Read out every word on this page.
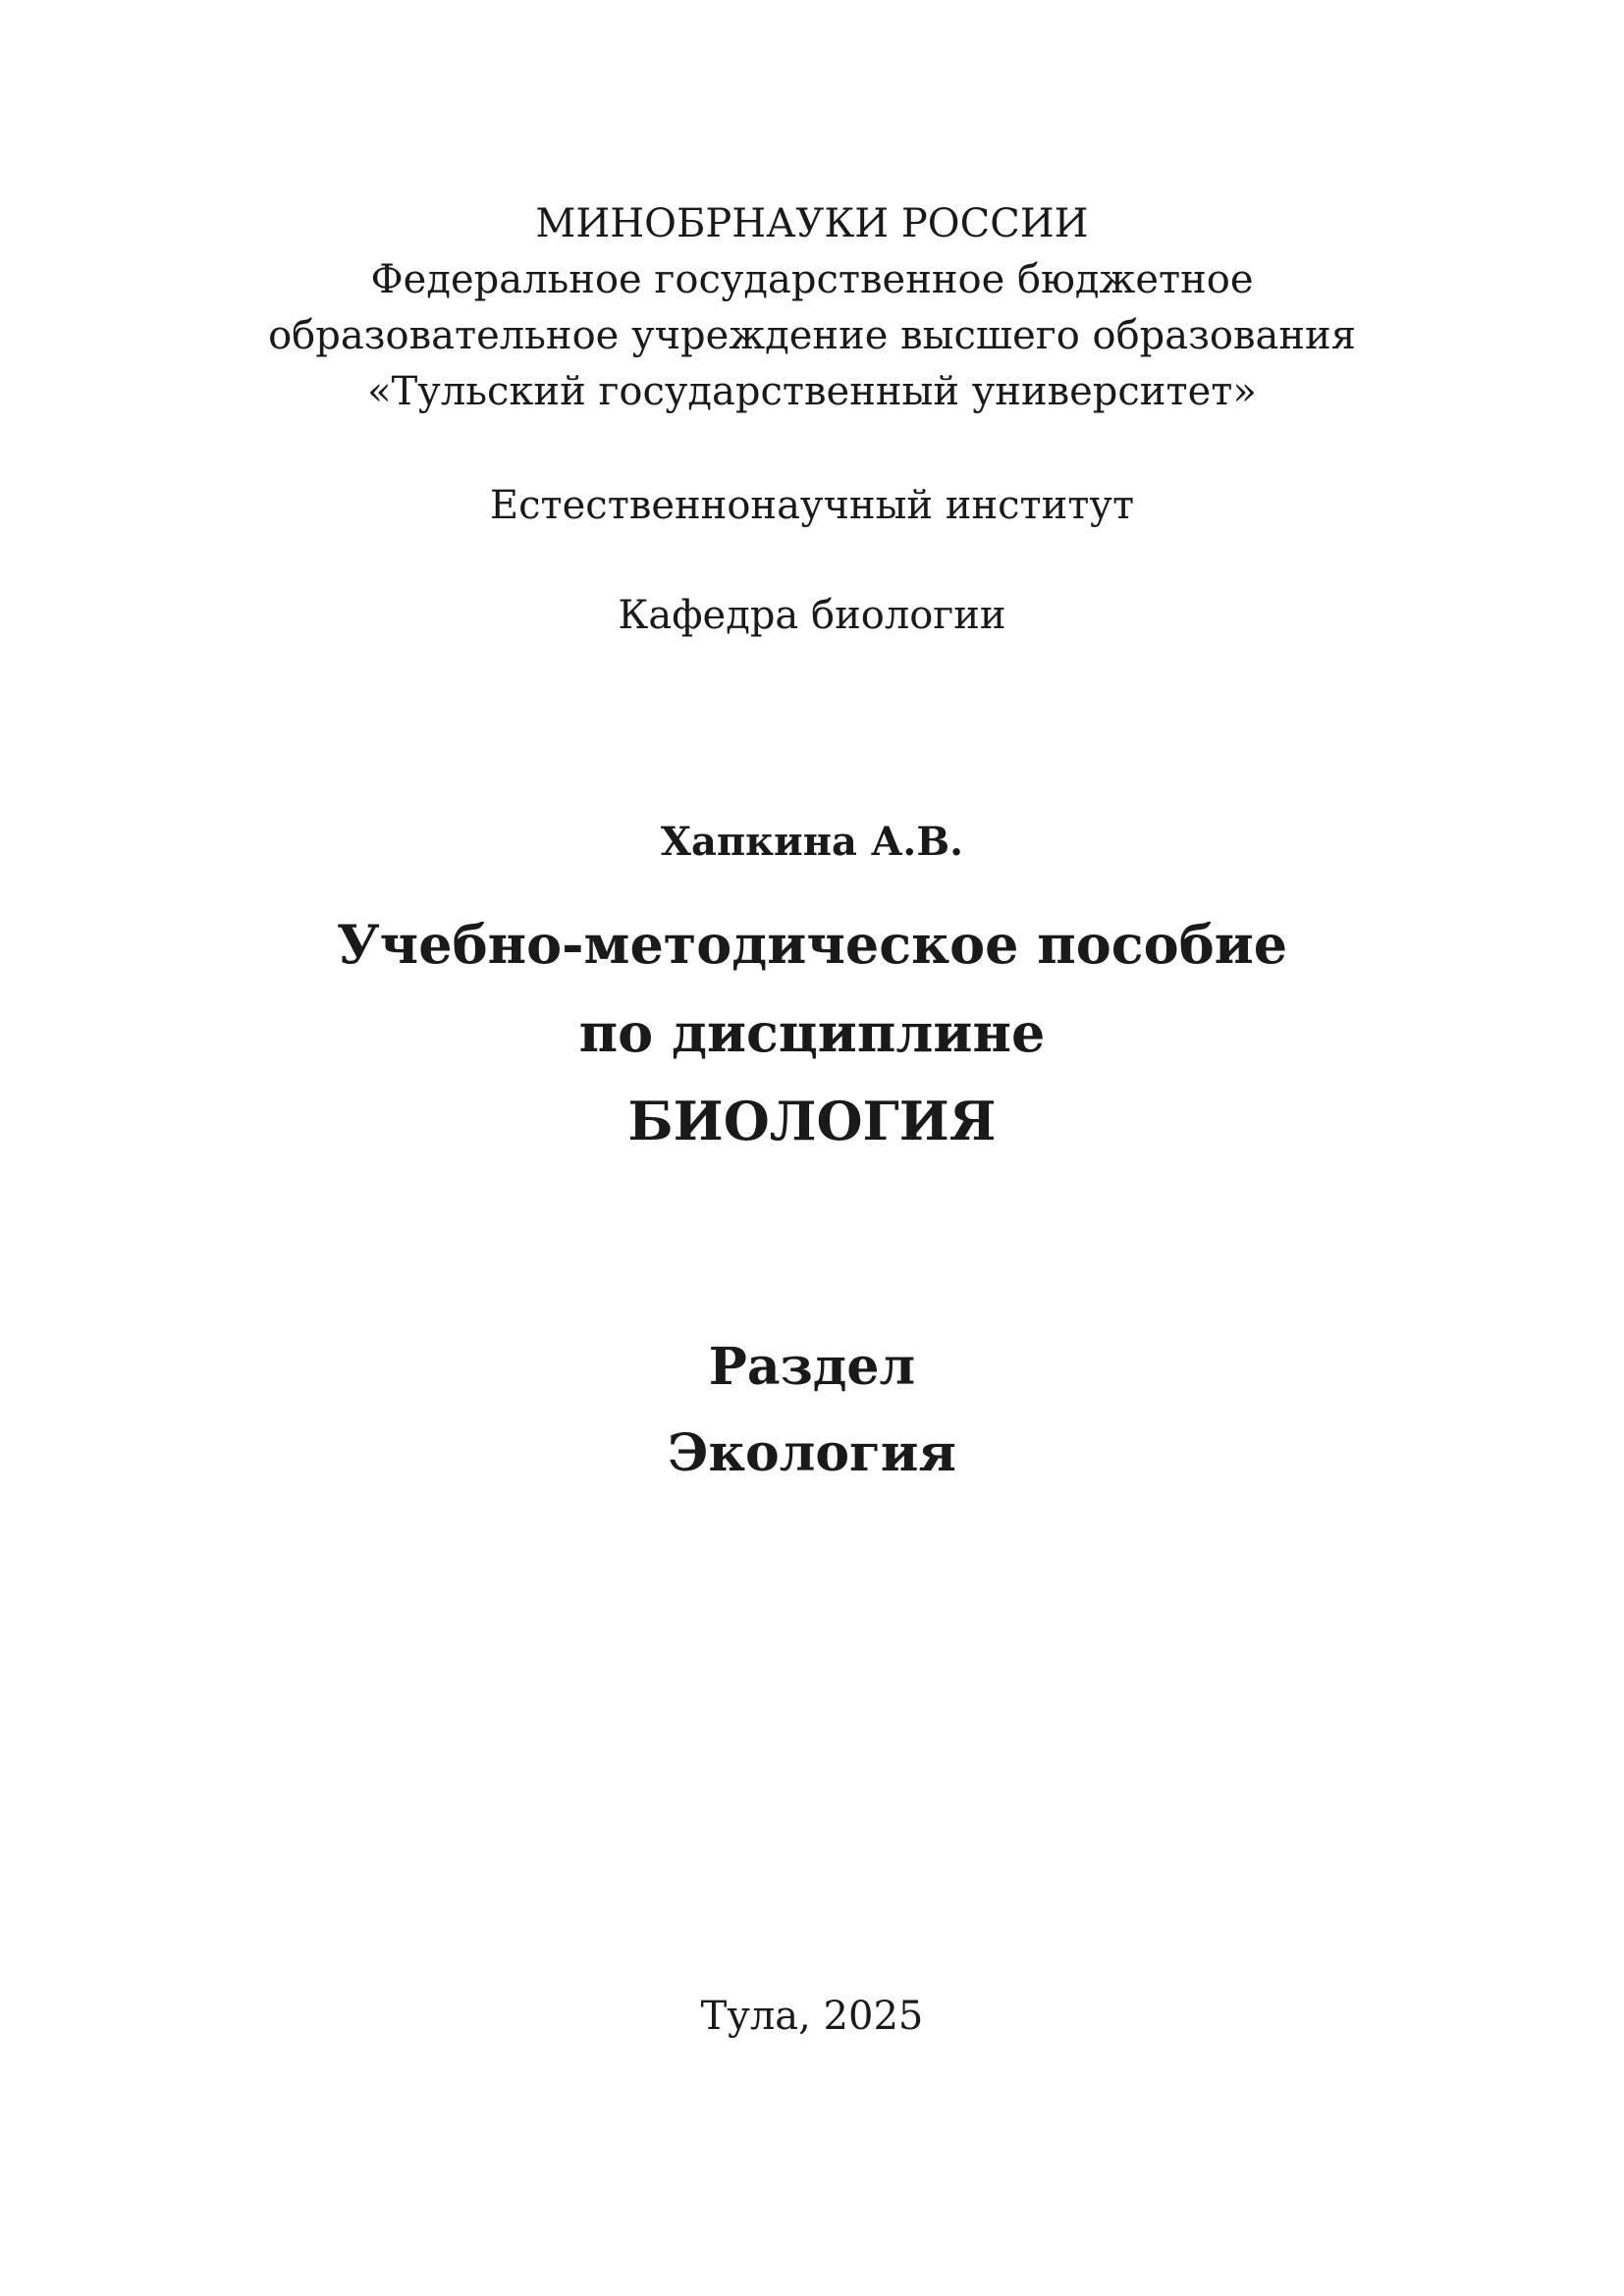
МИНОБРНАУКИ РОССИИ
Федеральное государственное бюджетное
образовательное учреждение высшего образования
«Тульский государственный университет»
Естественнонаучный институт
Кафедра биологии
Хапкина А.В.
Учебно-методическое пособие
по дисциплине
БИОЛОГИЯ
Раздел
Экология
Тула, 2025
